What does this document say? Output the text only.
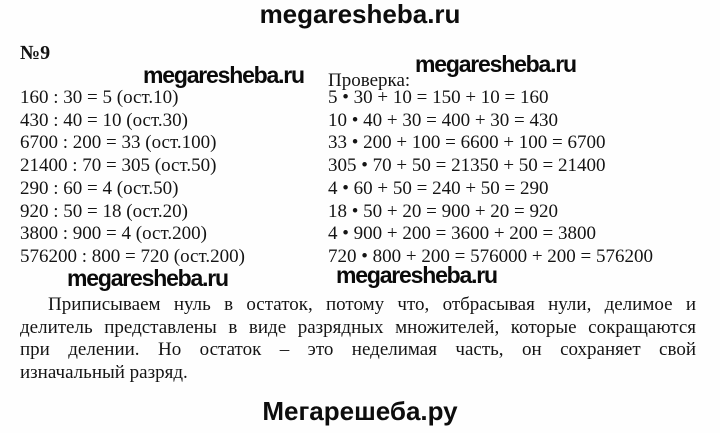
megaresheba.ru
№9
megaresheba.ru Проверка:
megaresheba.ru
160 : 30 = 5 (ост.10)
430 : 40 = 10 (ост.30)
6700 : 200 = 33 (ост.100)
21400 : 70 = 305 (ост.50)
290 : 60 = 4 (ост.50)
920 : 50 = 18 (ост.20)
3800 : 900 = 4 (ост.200)
576200 : 800 = 720 (ост.200)
5 • 30 + 10 = 150 + 10 = 160
10 • 40 + 30 = 400 + 30 = 430
33 • 200 + 100 = 6600 + 100 = 6700
305 • 70 + 50 = 21350 + 50 = 21400
4 • 60 + 50 = 240 + 50 = 290
18 • 50 + 20 = 900 + 20 = 920
4 • 900 + 200 = 3600 + 200 = 3800
720 • 800 + 200 = 576000 + 200 = 576200
megaresheba.ru	megaresheba.ru
Приписываем нуль в остаток, потому что, отбрасывая нули, делимое и
делитель представлены в виде разрядных множителей, которые сокращаются
при делении. Но остаток – это неделимая часть, он сохраняет свой
изначальный разряд.
Мегарешеба.ру
